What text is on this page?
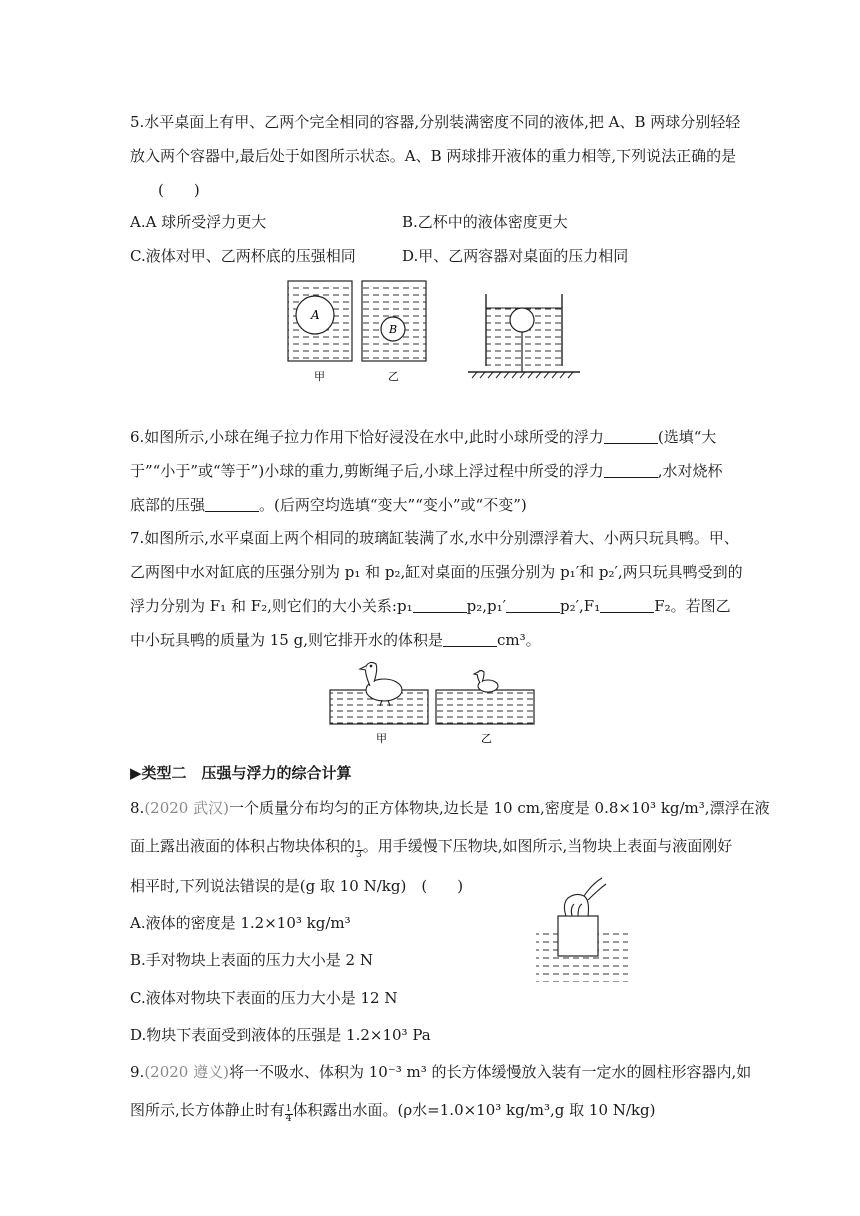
5.水平桌面上有甲、乙两个完全相同的容器,分别装满密度不同的液体,把 A、B 两球分别轻轻
放入两个容器中,最后处于如图所示状态。A、B 两球排开液体的重力相等,下列说法正确的是
(　　)
A.A 球所受浮力更大	B.乙杯中的液体密度更大
C.液体对甲、乙两杯底的压强相同	D.甲、乙两容器对桌面的压力相同
A
B
甲	乙
6.如图所示,小球在绳子拉力作用下恰好浸没在水中,此时小球所受的浮力	(选填“大
于”“小于”或“等于”)小球的重力,剪断绳子后,小球上浮过程中所受的浮力	,水对烧杯
底部的压强	。(后两空均选填“变大”“变小”或“不变”)
7.如图所示,水平桌面上两个相同的玻璃缸装满了水,水中分别漂浮着大、小两只玩具鸭。甲、
乙两图中水对缸底的压强分别为 p₁ 和 p₂,缸对桌面的压强分别为 p₁′和 p₂′,两只玩具鸭受到的
浮力分别为 F₁ 和 F₂,则它们的大小关系:p₁	p₂,p₁′	p₂′,F₁	F₂。若图乙
中小玩具鸭的质量为 15 g,则它排开水的体积是	cm³。
甲	乙
▶类型二　压强与浮力的综合计算
8.(2020 武汉)一个质量分布均匀的正方体物块,边长是 10 cm,密度是 0.8×10³ kg/m³,漂浮在液
面上露出液面的体积占物块体积的 $\frac{1}{3}$ 。用手缓慢下压物块,如图所示,当物块上表面与液面刚好
相平时,下列说法错误的是(g 取 10 N/kg)　(　　)
A.液体的密度是 1.2×10³ kg/m³
B.手对物块上表面的压力大小是 2 N
C.液体对物块下表面的压力大小是 12 N
D.物块下表面受到液体的压强是 1.2×10³ Pa
9.(2020 遵义)将一不吸水、体积为 10⁻³ m³ 的长方体缓慢放入装有一定水的圆柱形容器内,如
图所示,长方体静止时有 $\frac{1}{4}$ 体积露出水面。(ρ水=1.0×10³ kg/m³,g 取 10 N/kg)
